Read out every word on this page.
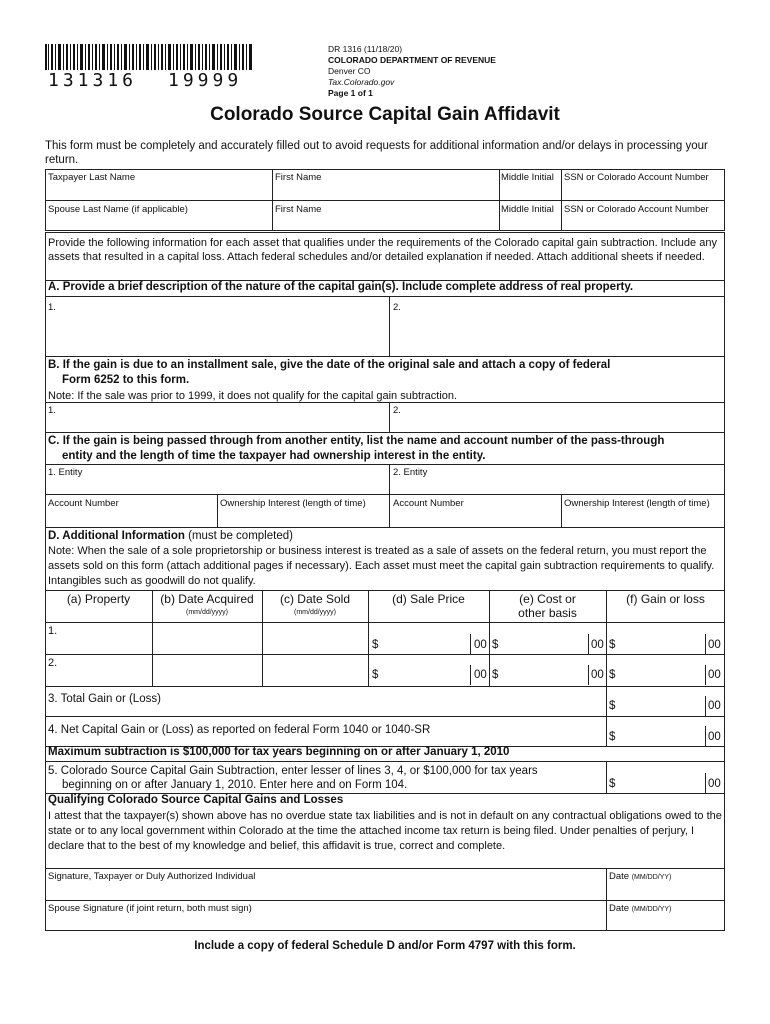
131316 19999
DR 1316 (11/18/20)
COLORADO DEPARTMENT OF REVENUE
Denver CO
Tax.Colorado.gov
Page 1 of 1
Colorado Source Capital Gain Affidavit
This form must be completely and accurately filled out to avoid requests for additional information and/or delays in processing your return.
Taxpayer Last Name	First Name	Middle Initial SSN or Colorado Account Number
Spouse Last Name (if applicable)	First Name	Middle Initial SSN or Colorado Account Number
Provide the following information for each asset that qualifies under the requirements of the Colorado capital gain subtraction. Include any assets that resulted in a capital loss. Attach federal schedules and/or detailed explanation if needed. Attach additional sheets if needed.
A. Provide a brief description of the nature of the capital gain(s). Include complete address of real property.
1.	2.
B. If the gain is due to an installment sale, give the date of the original sale and attach a copy of federal
Form 6252 to this form.
Note: If the sale was prior to 1999, it does not qualify for the capital gain subtraction.
1.	2.
C. If the gain is being passed through from another entity, list the name and account number of the pass-through
entity and the length of time the taxpayer had ownership interest in the entity.
1. Entity	2. Entity
Account Number	Ownership Interest (length of time)	Account Number	Ownership Interest (length of time)
D. Additional Information (must be completed)
Note: When the sale of a sole proprietorship or business interest is treated as a sale of assets on the federal return, you must report the assets sold on this form (attach additional pages if necessary). Each asset must meet the capital gain subtraction requirements to qualify. Intangibles such as goodwill do not qualify.
(a) Property	(b) Date Acquired
(mm/dd/yyyy)
(c) Date Sold
(mm/dd/yyyy)
(d) Sale Price	(e) Cost or
other basis
(f) Gain or loss
1.
$	00 $	00 $	00
2.
$	00 $	00 $	00
3. Total Gain or (Loss)
$	00
4. Net Capital Gain or (Loss) as reported on federal Form 1040 or 1040-SR
$	00
Maximum subtraction is $100,000 for tax years beginning on or after January 1, 2010
5. Colorado Source Capital Gain Subtraction, enter lesser of lines 3, 4, or $100,000 for tax years
beginning on or after January 1, 2010. Enter here and on Form 104.	$	00
Qualifying Colorado Source Capital Gains and Losses
I attest that the taxpayer(s) shown above has no overdue state tax liabilities and is not in default on any contractual obligations owed to the state or to any local government within Colorado at the time the attached income tax return is being filed. Under penalties of perjury, I declare that to the best of my knowledge and belief, this affidavit is true, correct and complete.
Signature, Taxpayer or Duly Authorized Individual	Date (MM/DD/YY)
Spouse Signature (if joint return, both must sign)	Date (MM/DD/YY)
Include a copy of federal Schedule D and/or Form 4797 with this form.
